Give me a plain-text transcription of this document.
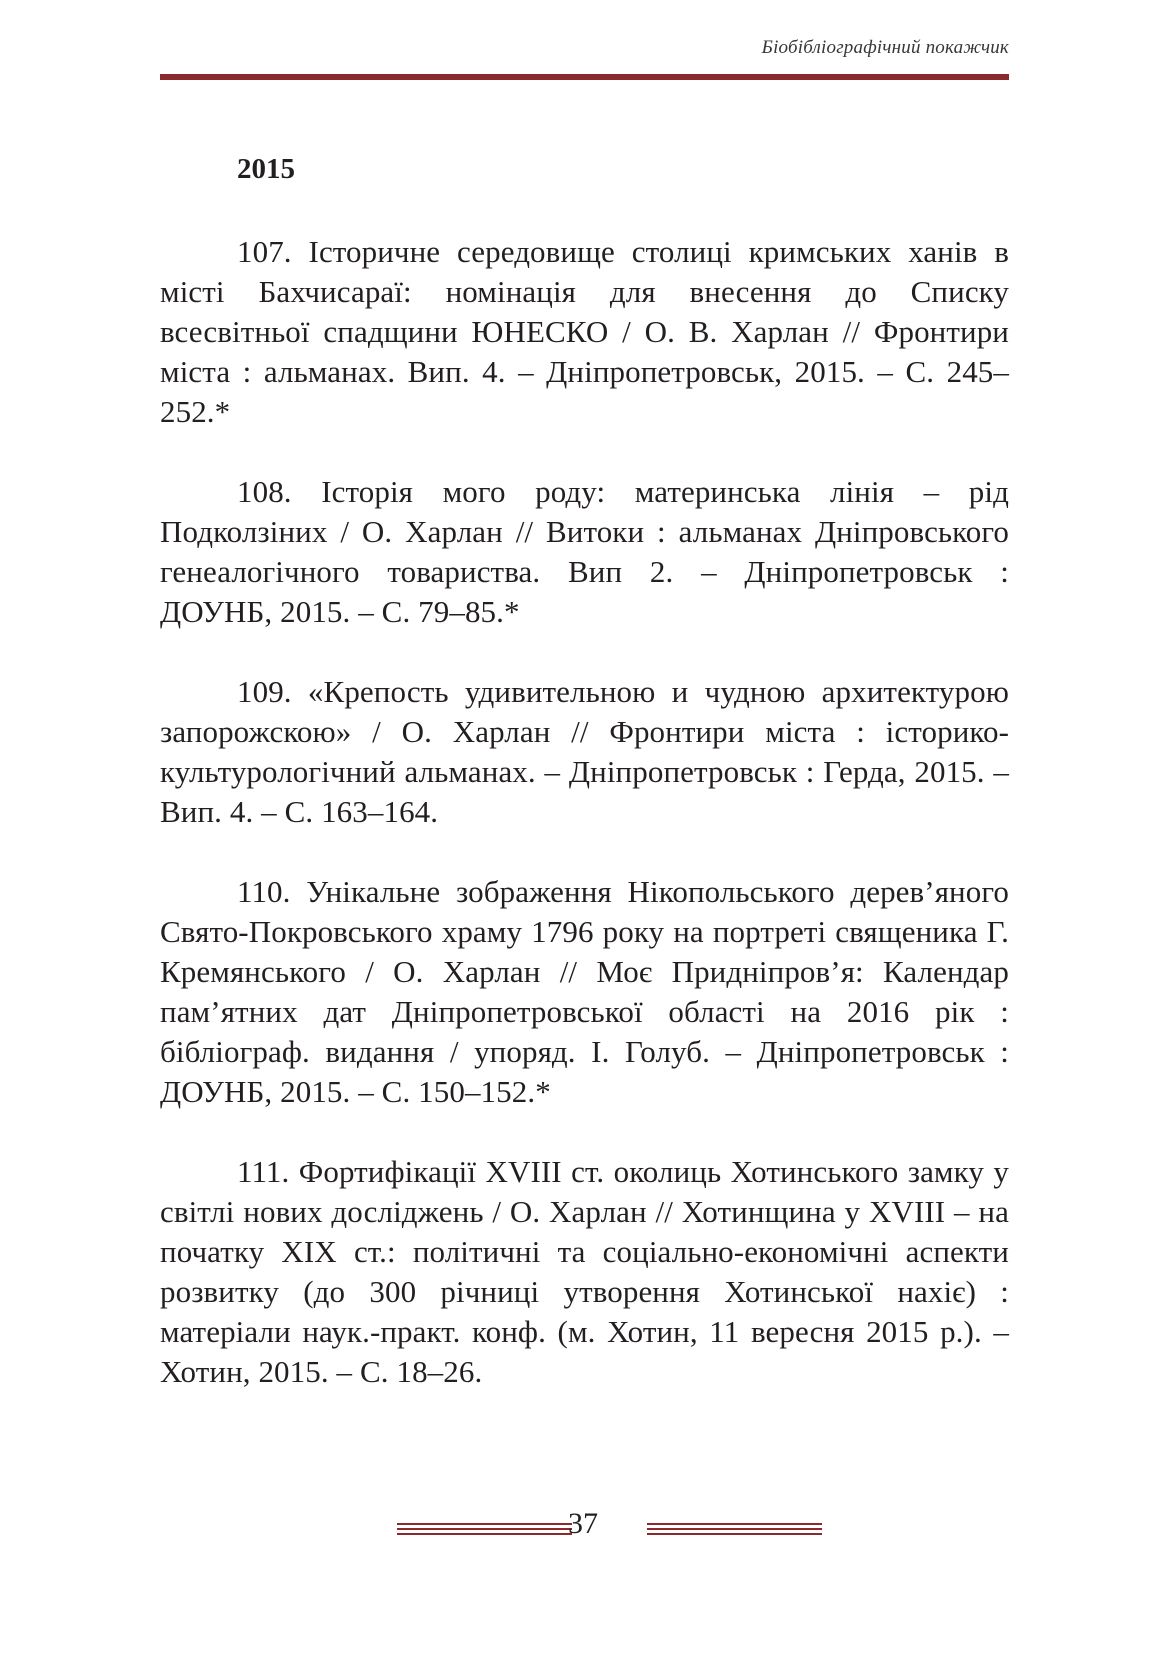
Біобібліографічний покажчик
2015

107. Історичне середовище столиці кримських ханів в місті Бахчисараї: номінація для внесення до Списку всесвітньої спадщини ЮНЕСКО / О. В. Харлан // Фронтири міста : альманах. Вип. 4. – Дніпропетровськ, 2015. – С. 245–252.*

108. Історія мого роду: материнська лінія – рід Подколзіних / О. Харлан // Витоки : альманах Дніпровського генеалогічного товариства. Вип 2. – Дніпропетровськ : ДОУНБ, 2015. – С. 79–85.*

109. «Крепость удивительною и чудною архитектурою запорожскою» / О. Харлан // Фронтири міста : історико-культурологічний альманах. – Дніпропетровськ : Герда, 2015. – Вип. 4. – С. 163–164.

110. Унікальне зображення Нікопольського дерев’яного Свято-Покровського храму 1796 року на портреті священика Г. Кремянського / О. Харлан // Моє Придніпров’я: Календар пам’ятних дат Дніпропетровської області на 2016 рік : бібліограф. видання / упоряд. І. Голуб. – Дніпропетровськ : ДОУНБ, 2015. – С. 150–152.*

111. Фортифікації XVIII ст. околиць Хотинського замку у світлі нових досліджень / О. Харлан // Хотинщина у XVIII – на початку XIX ст.: політичні та соціально-економічні аспекти розвитку (до 300 річниці утворення Хотинської нахіє) : матеріали наук.-практ. конф. (м. Хотин, 11 вересня 2015 р.). – Хотин, 2015. – С. 18–26.

37
